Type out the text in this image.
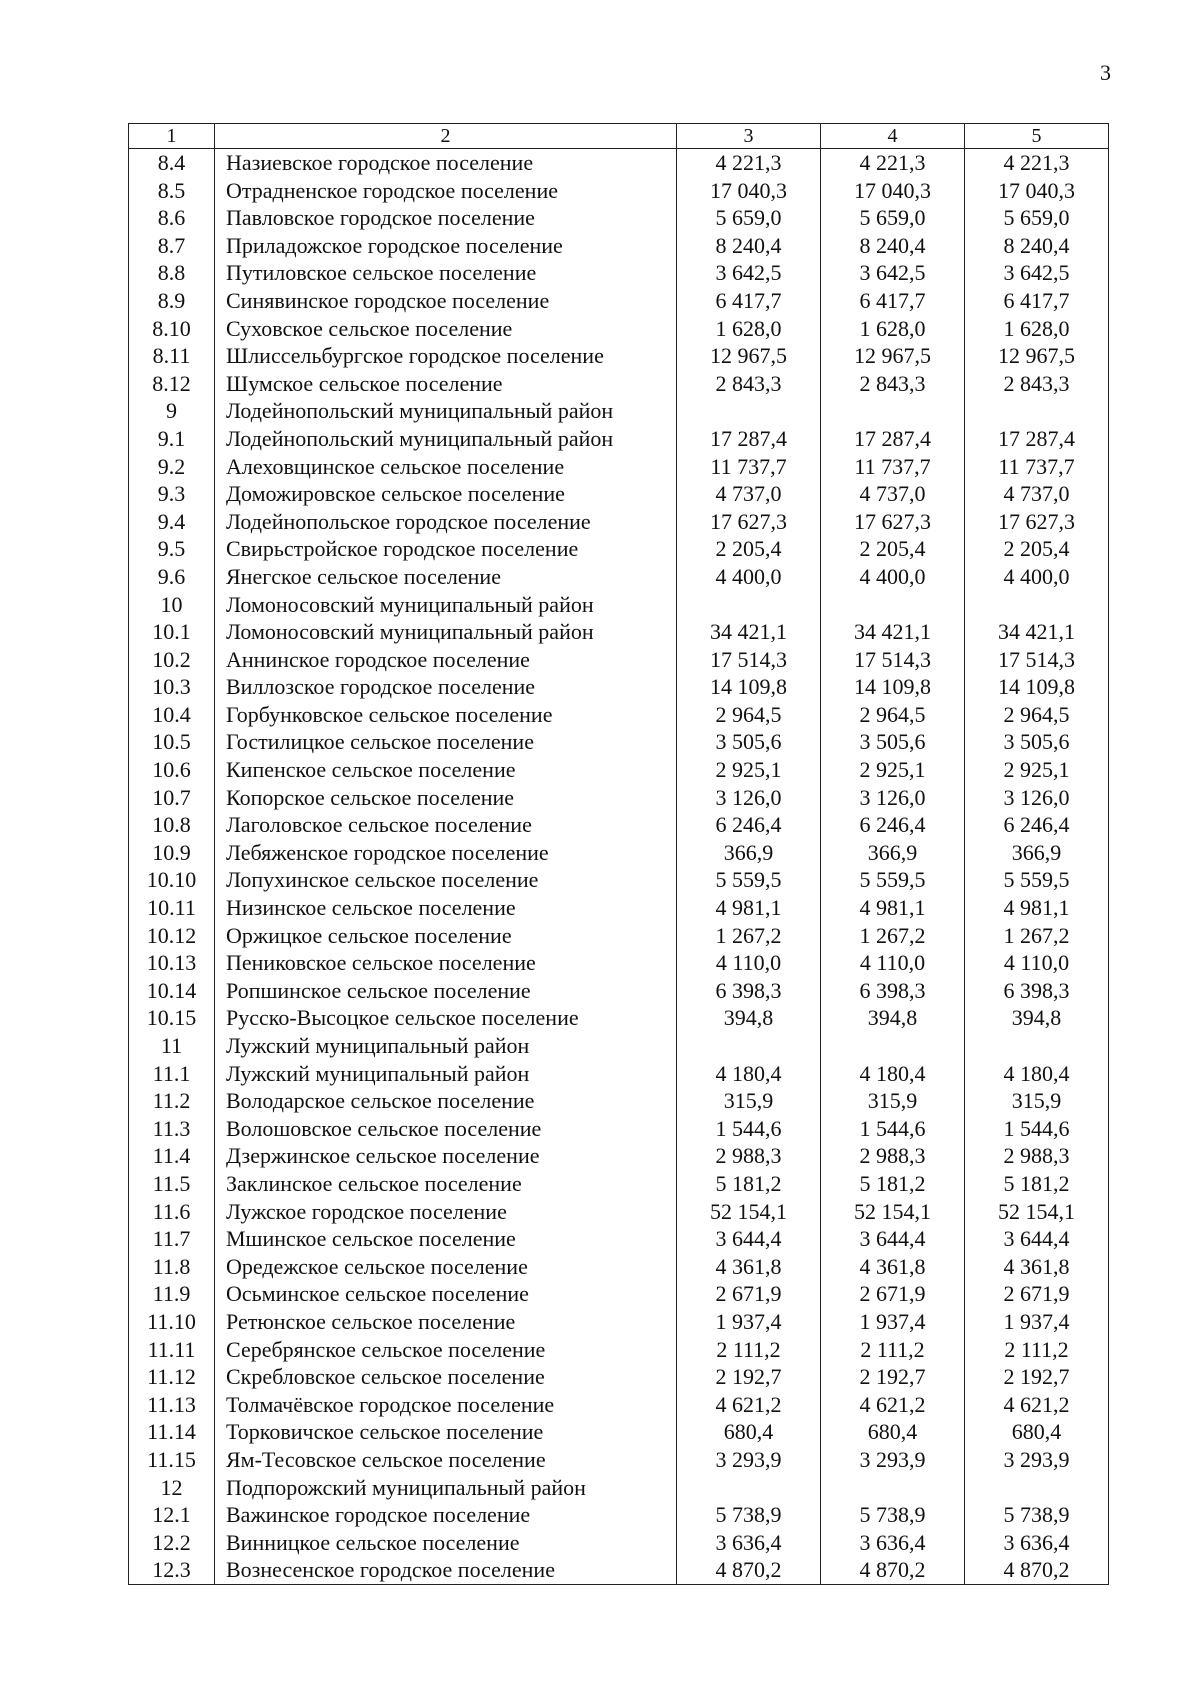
3
1	2	3	4	5
8.4	Назиевское городское поселение	4 221,3	4 221,3	4 221,3
8.5	Отрадненское городское поселение	17 040,3	17 040,3	17 040,3
8.6	Павловское городское поселение	5 659,0	5 659,0	5 659,0
8.7	Приладожское городское поселение	8 240,4	8 240,4	8 240,4
8.8	Путиловское сельское поселение	3 642,5	3 642,5	3 642,5
8.9	Синявинское городское поселение	6 417,7	6 417,7	6 417,7
8.10	Суховское сельское поселение	1 628,0	1 628,0	1 628,0
8.11	Шлиссельбургское городское поселение	12 967,5	12 967,5	12 967,5
8.12	Шумское сельское поселение	2 843,3	2 843,3	2 843,3
9	Лодейнопольский муниципальный район			
9.1	Лодейнопольский муниципальный район	17 287,4	17 287,4	17 287,4
9.2	Алеховщинское сельское поселение	11 737,7	11 737,7	11 737,7
9.3	Доможировское сельское поселение	4 737,0	4 737,0	4 737,0
9.4	Лодейнопольское городское поселение	17 627,3	17 627,3	17 627,3
9.5	Свирьстройское городское поселение	2 205,4	2 205,4	2 205,4
9.6	Янегское сельское поселение	4 400,0	4 400,0	4 400,0
10	Ломоносовский муниципальный район			
10.1	Ломоносовский муниципальный район	34 421,1	34 421,1	34 421,1
10.2	Аннинское городское поселение	17 514,3	17 514,3	17 514,3
10.3	Виллозское городское поселение	14 109,8	14 109,8	14 109,8
10.4	Горбунковское сельское поселение	2 964,5	2 964,5	2 964,5
10.5	Гостилицкое сельское поселение	3 505,6	3 505,6	3 505,6
10.6	Кипенское сельское поселение	2 925,1	2 925,1	2 925,1
10.7	Копорское сельское поселение	3 126,0	3 126,0	3 126,0
10.8	Лаголовское сельское поселение	6 246,4	6 246,4	6 246,4
10.9	Лебяженское городское поселение	366,9	366,9	366,9
10.10	Лопухинское сельское поселение	5 559,5	5 559,5	5 559,5
10.11	Низинское сельское поселение	4 981,1	4 981,1	4 981,1
10.12	Оржицкое сельское поселение	1 267,2	1 267,2	1 267,2
10.13	Пениковское сельское поселение	4 110,0	4 110,0	4 110,0
10.14	Ропшинское сельское поселение	6 398,3	6 398,3	6 398,3
10.15	Русско-Высоцкое сельское поселение	394,8	394,8	394,8
11	Лужский муниципальный район			
11.1	Лужский муниципальный район	4 180,4	4 180,4	4 180,4
11.2	Володарское сельское поселение	315,9	315,9	315,9
11.3	Волошовское сельское поселение	1 544,6	1 544,6	1 544,6
11.4	Дзержинское сельское поселение	2 988,3	2 988,3	2 988,3
11.5	Заклинское сельское поселение	5 181,2	5 181,2	5 181,2
11.6	Лужское городское поселение	52 154,1	52 154,1	52 154,1
11.7	Мшинское сельское поселение	3 644,4	3 644,4	3 644,4
11.8	Оредежское сельское поселение	4 361,8	4 361,8	4 361,8
11.9	Осьминское сельское поселение	2 671,9	2 671,9	2 671,9
11.10	Ретюнское сельское поселение	1 937,4	1 937,4	1 937,4
11.11	Серебрянское сельское поселение	2 111,2	2 111,2	2 111,2
11.12	Скребловское сельское поселение	2 192,7	2 192,7	2 192,7
11.13	Толмачёвское городское поселение	4 621,2	4 621,2	4 621,2
11.14	Торковичское сельское поселение	680,4	680,4	680,4
11.15	Ям-Тесовское сельское поселение	3 293,9	3 293,9	3 293,9
12	Подпорожский муниципальный район			
12.1	Важинское городское поселение	5 738,9	5 738,9	5 738,9
12.2	Винницкое сельское поселение	3 636,4	3 636,4	3 636,4
12.3	Вознесенское городское поселение	4 870,2	4 870,2	4 870,2
